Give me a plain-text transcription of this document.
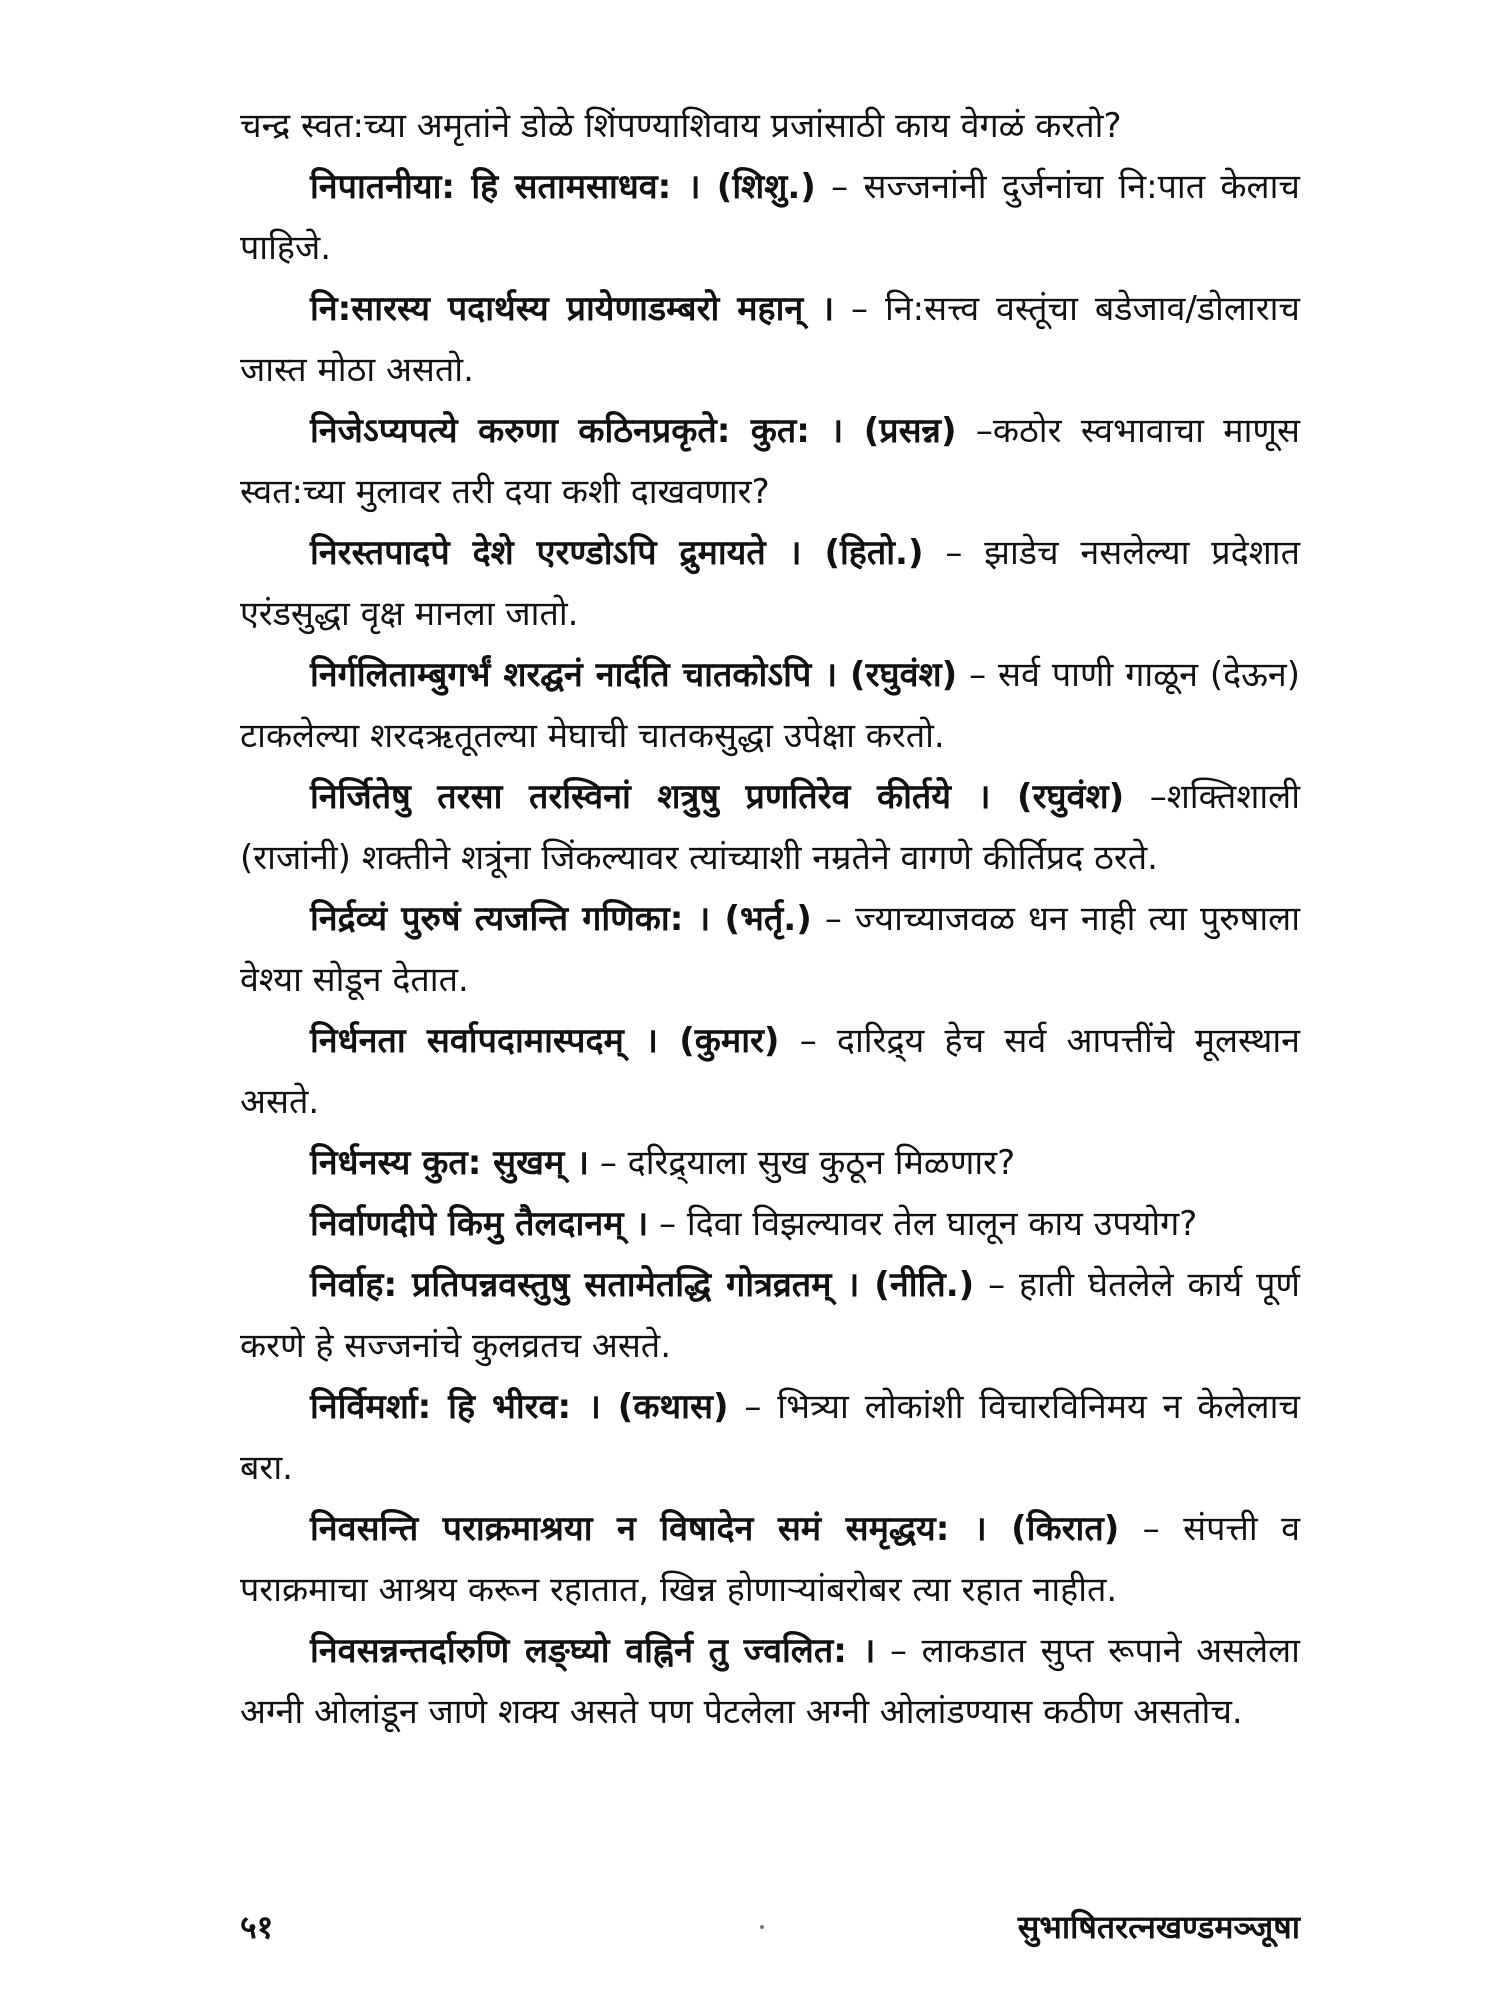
चन्द्र स्वत:च्या अमृतांने डोळे शिंपण्याशिवाय प्रजांसाठी काय वेगळं करतो?

निपातनीया: हि सतामसाधव: । (शिशु.) – सज्जनांनी दुर्जनांचा नि:पात केलाच पाहिजे.

नि:सारस्य पदार्थस्य प्रायेणाडम्बरो महान् । – नि:सत्त्व वस्तूंचा बडेजाव/डोलाराच जास्त मोठा असतो.

निजेऽप्यपत्ये करुणा कठिनप्रकृते: कुत: । (प्रसन्न) –कठोर स्वभावाचा माणूस स्वत:च्या मुलावर तरी दया कशी दाखवणार?

निरस्तपादपे देशे एरण्डोऽपि द्रुमायते । (हितो.) – झाडेच नसलेल्या प्रदेशात एरंडसुद्धा वृक्ष मानला जातो.

निर्गलिताम्बुगर्भं शरद्घनं नार्दति चातकोऽपि । (रघुवंश) – सर्व पाणी गाळून (देऊन) टाकलेल्या शरदऋतूतल्या मेघाची चातकसुद्धा उपेक्षा करतो.

निर्जितेषु तरसा तरस्विनां शत्रुषु प्रणतिरेव कीर्तये । (रघुवंश) –शक्तिशाली (राजांनी) शक्तीने शत्रूंना जिंकल्यावर त्यांच्याशी नम्रतेने वागणे कीर्तिप्रद ठरते.

निर्द्रव्यं पुरुषं त्यजन्ति गणिका: । (भर्तृ.) – ज्याच्याजवळ धन नाही त्या पुरुषाला वेश्या सोडून देतात.

निर्धनता सर्वापदामास्पदम् । (कुमार) – दारिद्र्य हेच सर्व आपत्तींचे मूलस्थान असते.

निर्धनस्य कुत: सुखम् । – दरिद्र्याला सुख कुठून मिळणार?

निर्वाणदीपे किमु तैलदानम् । – दिवा विझल्यावर तेल घालून काय उपयोग?

निर्वाह: प्रतिपन्नवस्तुषु सतामेतद्धि गोत्रव्रतम् । (नीति.) – हाती घेतलेले कार्य पूर्ण करणे हे सज्जनांचे कुलव्रतच असते.

निर्विमर्शा: हि भीरव: । (कथास) – भित्र्या लोकांशी विचारविनिमय न केलेलाच बरा.

निवसन्ति पराक्रमाश्रया न विषादेन समं समृद्धय: । (किरात) – संपत्ती व पराक्रमाचा आश्रय करून रहातात, खिन्न होणाऱ्यांबरोबर त्या रहात नाहीत.

निवसन्नन्तर्दारुणि लङ्घ्यो वह्निर्न तु ज्वलित: । – लाकडात सुप्त रूपाने असलेला अग्नी ओलांडून जाणे शक्य असते पण पेटलेला अग्नी ओलांडण्यास कठीण असतोच.

५१	सुभाषितरत्नखण्डमञ्जूषा
